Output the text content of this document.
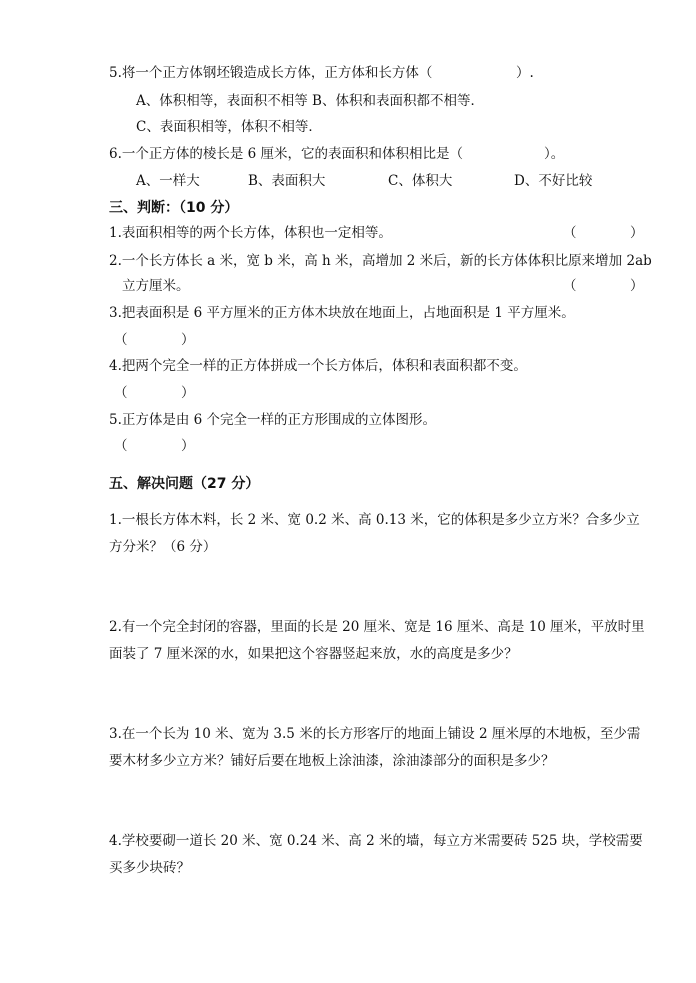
5.将一个正方体钢坯锻造成长方体，正方体和长方体（	）.
A、体积相等，表面积不相等 B、体积和表面积都不相等．
C、表面积相等，体积不相等．
6.一个正方体的棱长是 6 厘米，它的表面积和体积相比是（	）。
A、一样大	B、表面积大	C、体积大	D、不好比较
三、判断：（10 分）
1.表面积相等的两个长方体，体积也一定相等。	（	）
2.一个长方体长 a 米，宽 b 米，高 h 米，高增加 2 米后，新的长方体体积比原来增加 2ab
立方厘米。	（	）
3.把表面积是 6 平方厘米的正方体木块放在地面上，占地面积是 1 平方厘米。
（	）
4.把两个完全一样的正方体拼成一个长方体后，体积和表面积都不变。
（	）
5.正方体是由 6 个完全一样的正方形围成的立体图形。
（	）
五、解决问题（27 分）
1.一根长方体木料，长 2 米、宽 0.2 米、高 0.13 米，它的体积是多少立方米？合多少立
方分米？（6 分）
2.有一个完全封闭的容器，里面的长是 20 厘米、宽是 16 厘米、高是 10 厘米，平放时里
面装了 7 厘米深的水，如果把这个容器竖起来放，水的高度是多少？
3.在一个长为 10 米、宽为 3.5 米的长方形客厅的地面上铺设 2 厘米厚的木地板，至少需
要木材多少立方米？铺好后要在地板上涂油漆，涂油漆部分的面积是多少？
4.学校要砌一道长 20 米、宽 0.24 米、高 2 米的墙，每立方米需要砖 525 块，学校需要
买多少块砖？
